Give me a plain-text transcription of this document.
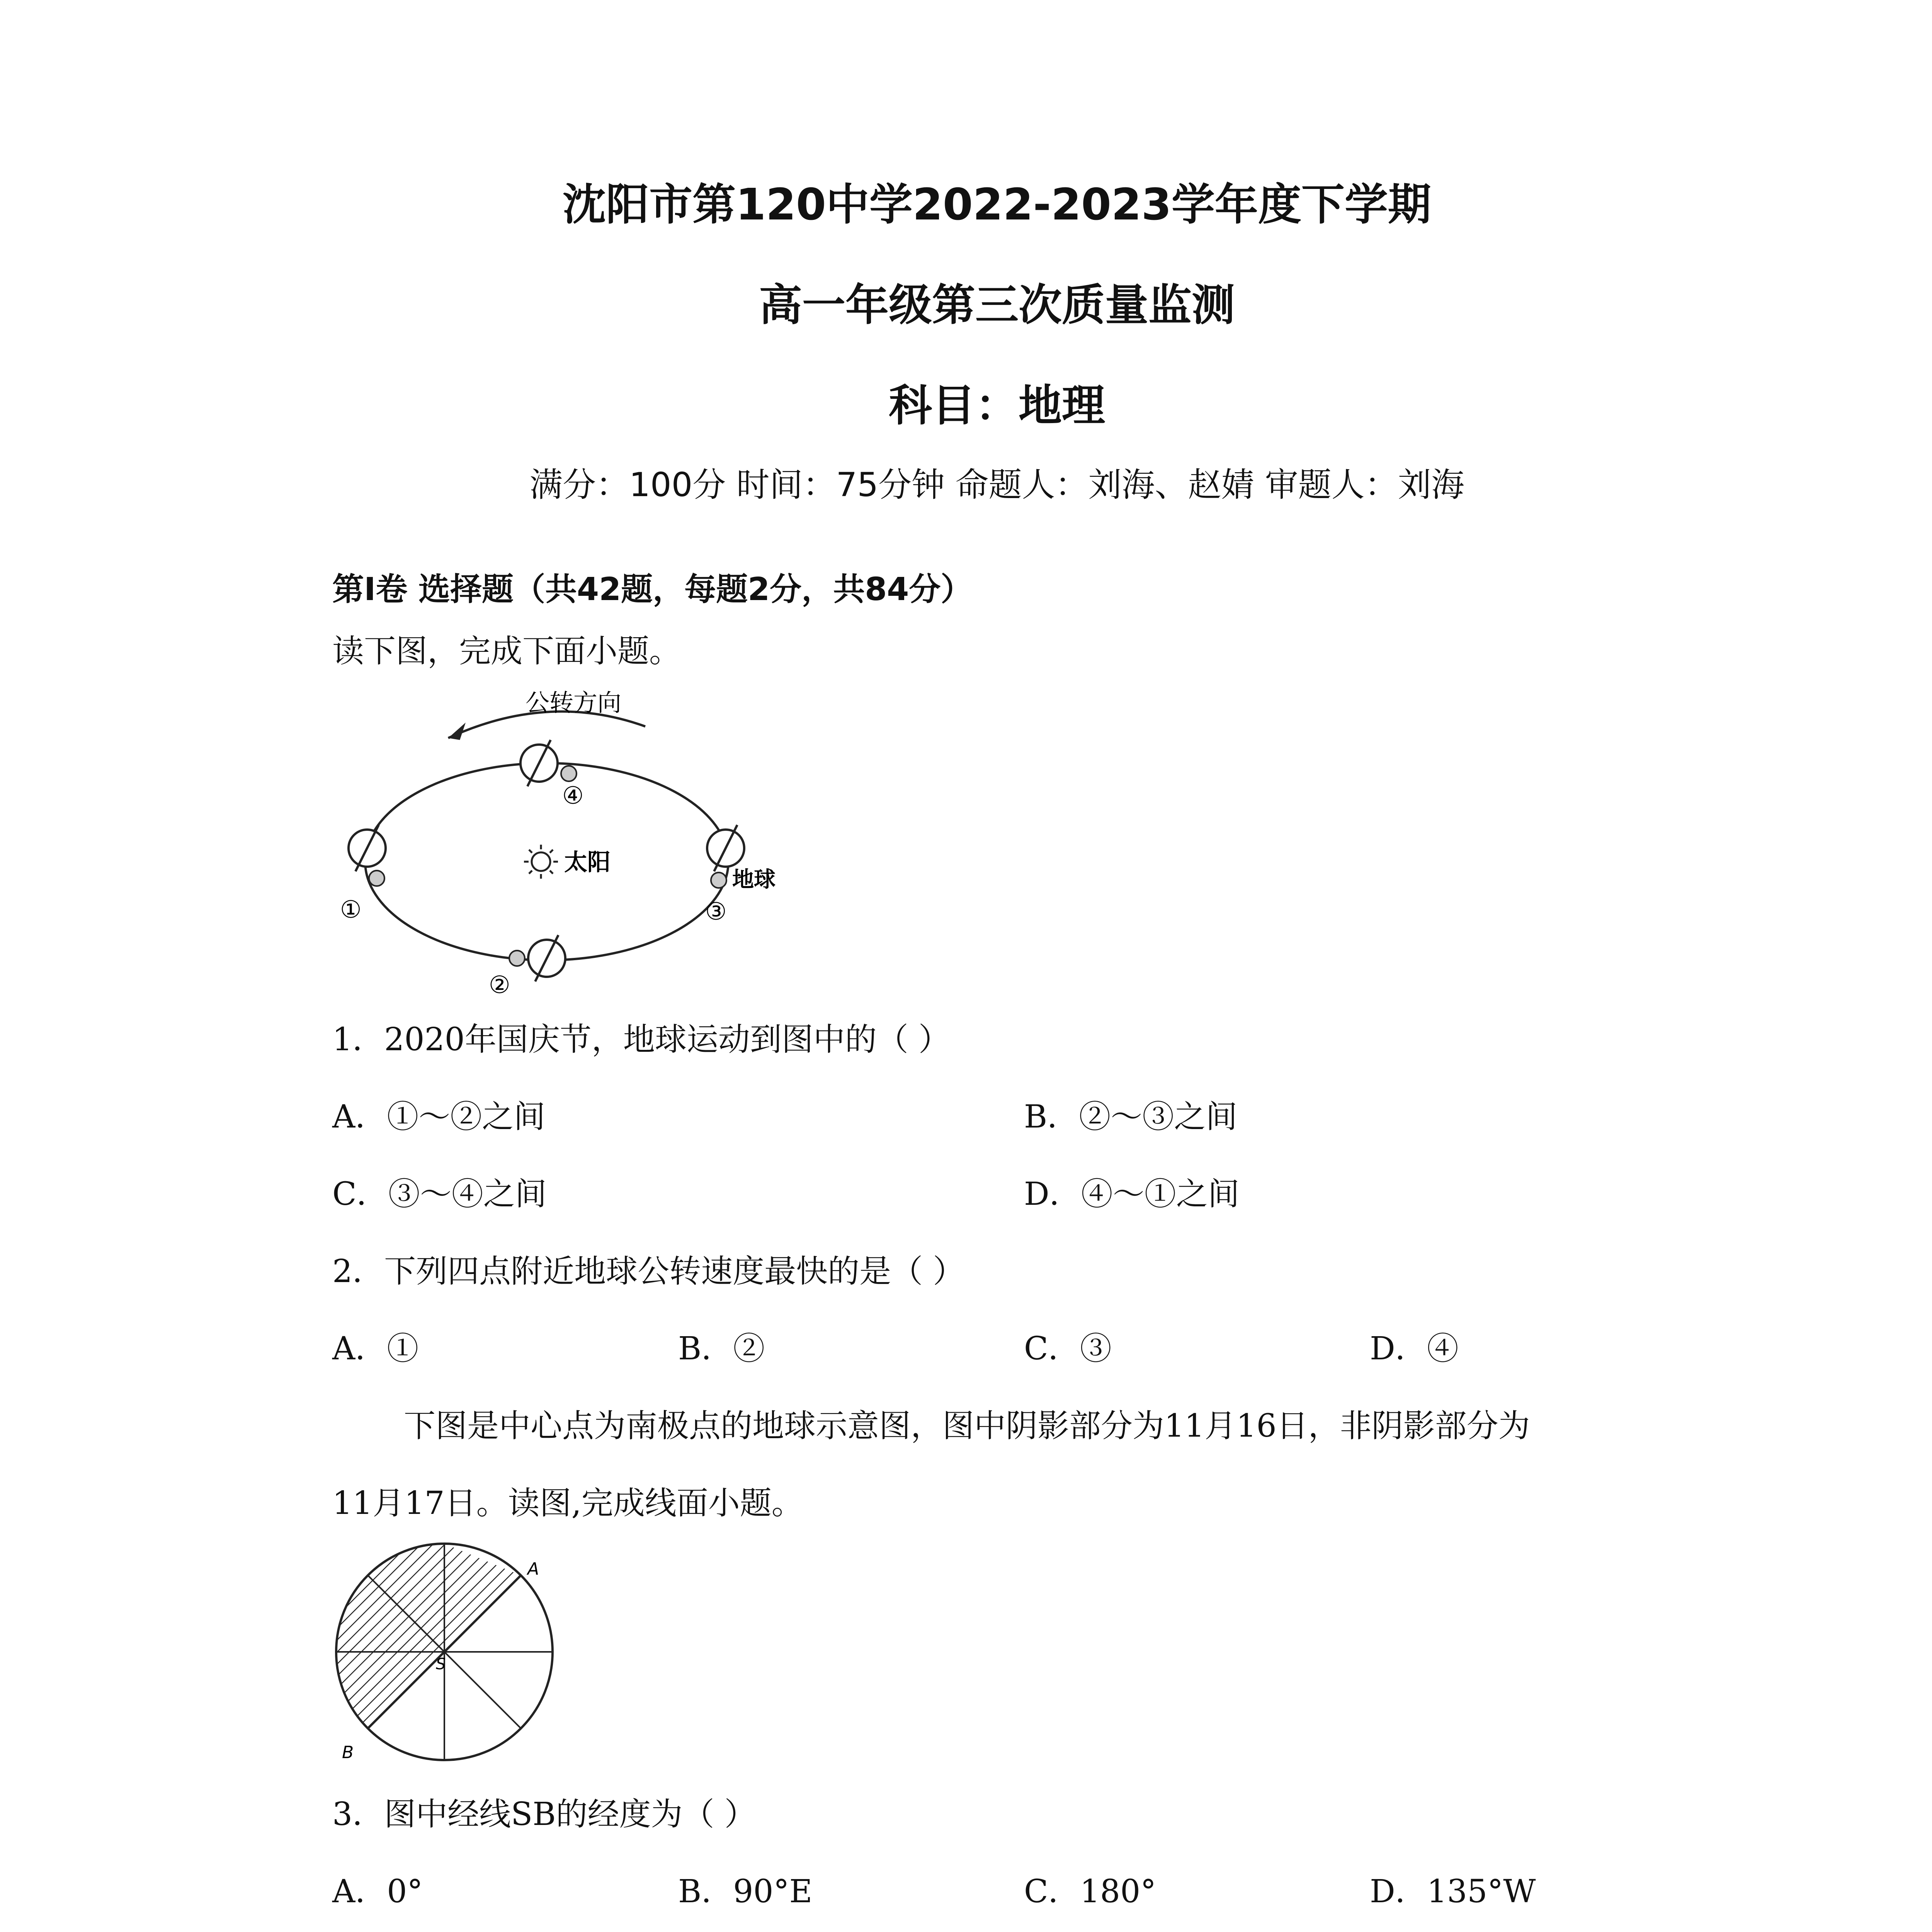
沈阳市第120中学2022-2023学年度下学期
高一年级第三次质量监测
科目：地理
满分：100分 时间：75分钟 命题人：刘海、赵婧 审题人：刘海
第Ⅰ卷 选择题（共42题，每题2分，共84分）
读下图，完成下面小题。
公转方向
太阳
④
①
地球
③
②
1．2020年国庆节，地球运动到图中的（ ）
A．①～②之间	B．②～③之间
C．③～④之间	D．④～①之间
2．下列四点附近地球公转速度最快的是（ ）
A．①	B．②	C．③	D．④
下图是中心点为南极点的地球示意图，图中阴影部分为11月16日，非阴影部分为
11月17日。读图,完成线面小题。
A
B
S
3．图中经线SB的经度为（ ）
A．0°	B．90°E	C．180°	D．135°W
